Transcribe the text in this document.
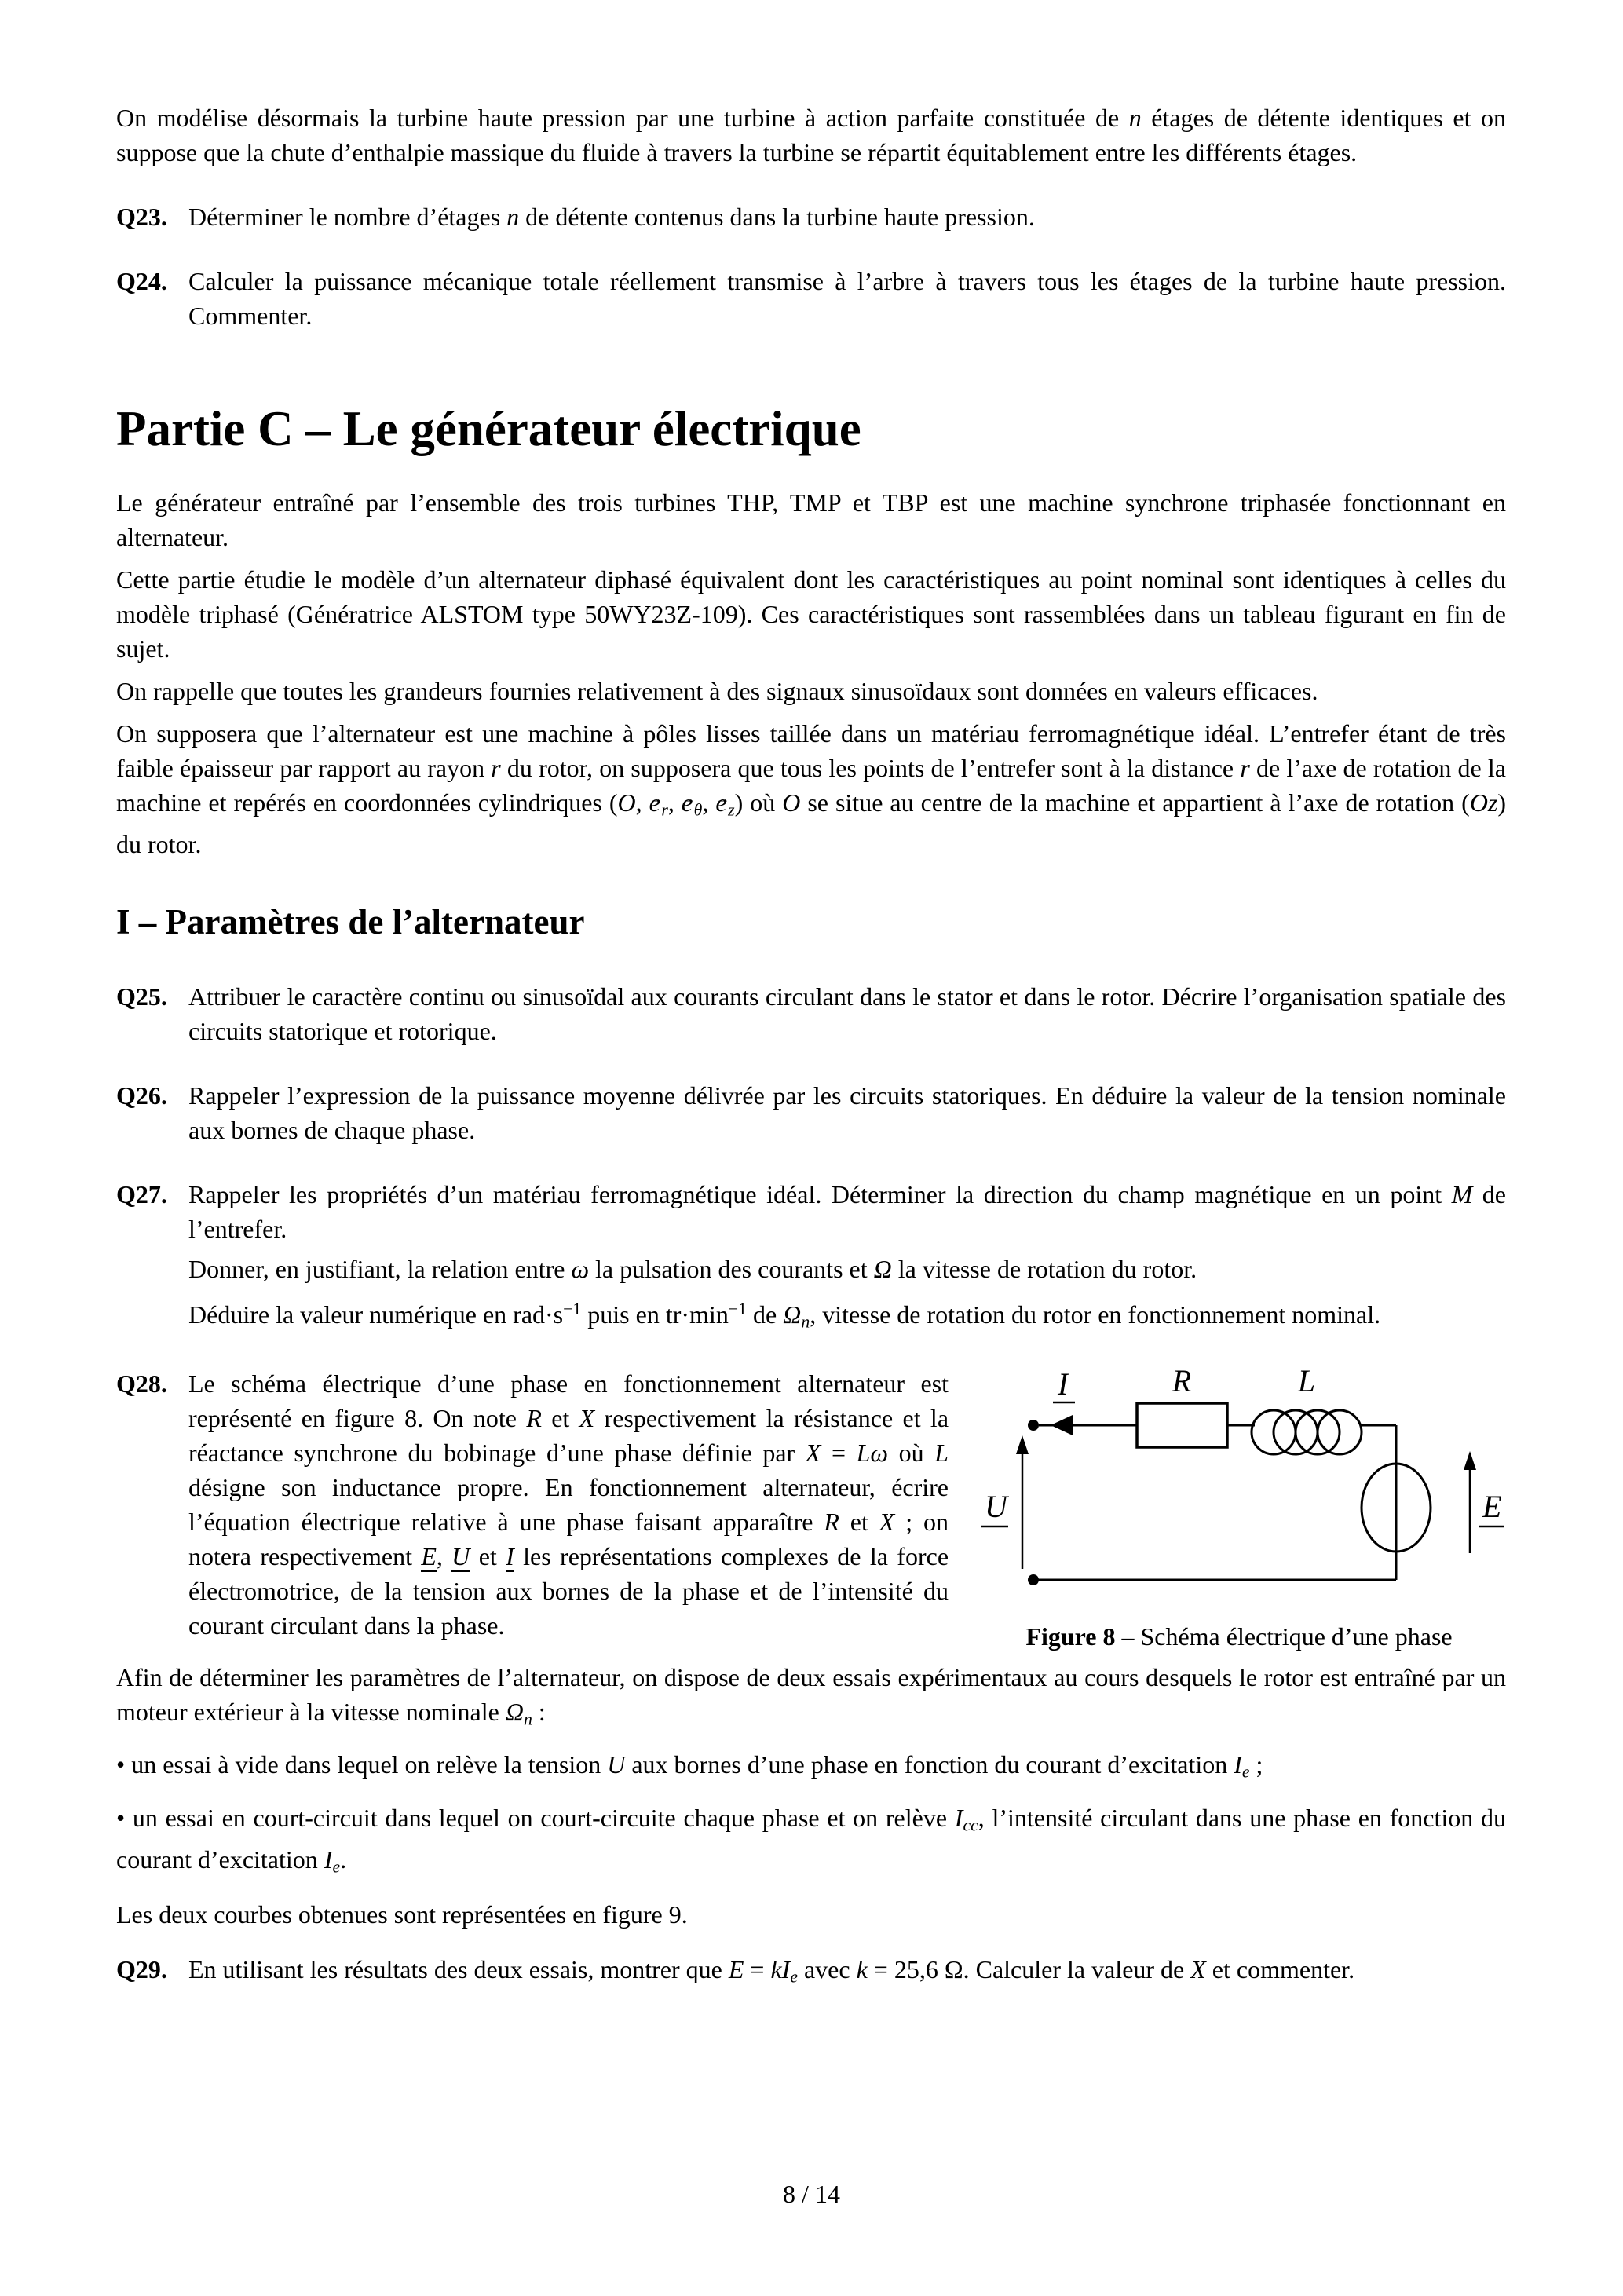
On modélise désormais la turbine haute pression par une turbine à action parfaite constituée de n étages de détente identiques et on suppose que la chute d’enthalpie massique du fluide à travers la turbine se répartit équitablement entre les différents étages.

Q23. Déterminer le nombre d’étages n de détente contenus dans la turbine haute pression.
Q24. Calculer la puissance mécanique totale réellement transmise à l’arbre à travers tous les étages de la turbine haute pression. Commenter.
Partie C – Le générateur électrique

Le générateur entraîné par l’ensemble des trois turbines THP, TMP et TBP est une machine synchrone triphasée fonctionnant en alternateur.

Cette partie étudie le modèle d’un alternateur diphasé équivalent dont les caractéristiques au point nominal sont identiques à celles du modèle triphasé (Génératrice ALSTOM type 50WY23Z-109). Ces caractéristiques sont rassemblées dans un tableau figurant en fin de sujet.

On rappelle que toutes les grandeurs fournies relativement à des signaux sinusoïdaux sont données en valeurs efficaces.

On supposera que l’alternateur est une machine à pôles lisses taillée dans un matériau ferromagnétique idéal. L’entrefer étant de très faible épaisseur par rapport au rayon r du rotor, on supposera que tous les points de l’entrefer sont à la distance r de l’axe de rotation de la machine et repérés en coordonnées cylindriques (O, e →r, e →θ, e →z) où O se situe au centre de la machine et appartient à l’axe de rotation (Oz) du rotor.

I – Paramètres de l’alternateur
Q25. Attribuer le caractère continu ou sinusoïdal aux courants circulant dans le stator et dans le rotor. Décrire l’organisation spatiale des circuits statorique et rotorique.
Q26. Rappeler l’expression de la puissance moyenne délivrée par les circuits statoriques. En déduire la valeur de la tension nominale aux bornes de chaque phase.
Q27. Rappeler les propriétés d’un matériau ferromagnétique idéal. Déterminer la direction du champ magnétique en un point M de l’entrefer.

Donner, en justifiant, la relation entre ω la pulsation des courants et Ω la vitesse de rotation du rotor.

Déduire la valeur numérique en $rad\cdot s^{-1}$ puis en $tr\cdot\min^{-1}$ de Ωn, vitesse de rotation du rotor en fonctionnement nominal.

Q28. Le schéma électrique d’une phase en fonctionnement alternateur est représenté en figure 8. On note R et X respectivement la résistance et la réactance synchrone du bobinage d’une phase définie par X = Lω où L désigne son inductance propre. En fonctionnement alternateur, écrire l’équation électrique relative à une phase faisant apparaître R et X ; on notera respectivement E, U et I les représentations complexes de la force électromotrice, de la tension aux bornes de la phase et de l’intensité du courant circulant dans la phase.
I	R	L
U	E
Figure 8 – Schéma électrique d’une phase

Afin de déterminer les paramètres de l’alternateur, on dispose de deux essais expérimentaux au cours desquels le rotor est entraîné par un moteur extérieur à la vitesse nominale Ωn :

• un essai à vide dans lequel on relève la tension U aux bornes d’une phase en fonction du courant d’excitation Ie ;

• un essai en court-circuit dans lequel on court-circuite chaque phase et on relève Icc, l’intensité circulant dans une phase en fonction du courant d’excitation Ie.

Les deux courbes obtenues sont représentées en figure 9.

Q29. En utilisant les résultats des deux essais, montrer que E = kIe avec k = 25,6 Ω. Calculer la valeur de X et commenter.
8 / 14
